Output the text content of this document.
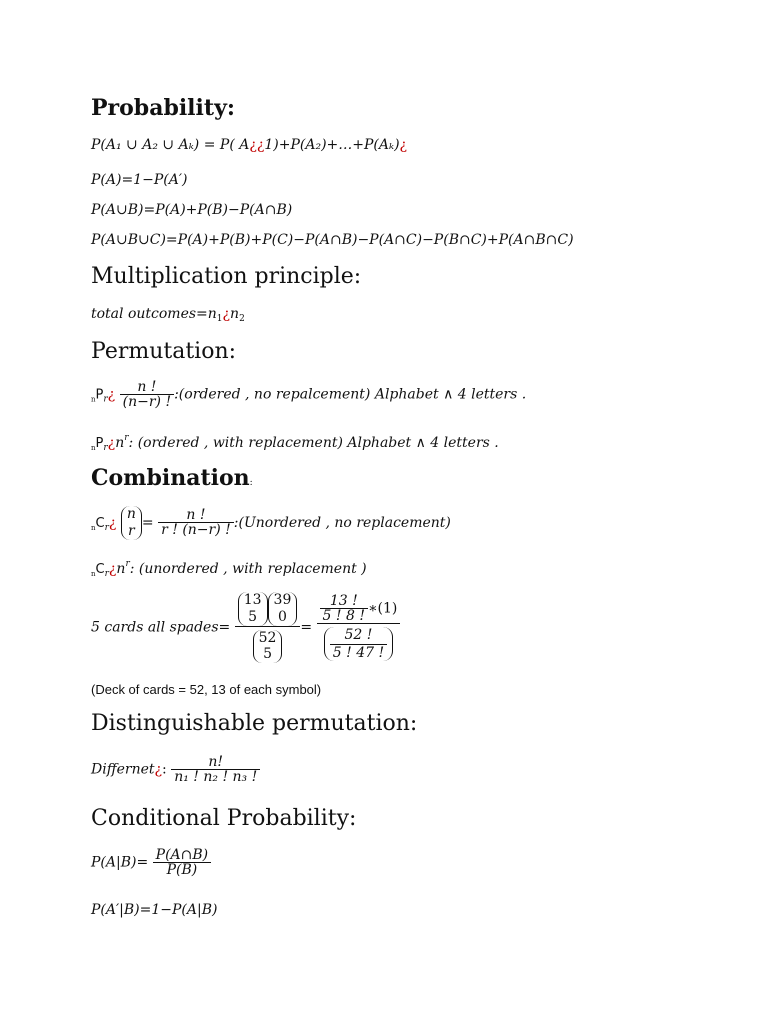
Probability:
P(A₁ ∪ A₂ ∪ Aₖ) = P( A¿¿1)+P(A₂)+…+P(Aₖ)¿
P(A)=1−P(A′)
P(A∪B)=P(A)+P(B)−P(A∩B)
P(A∪B∪C)=P(A)+P(B)+P(C)−P(A∩B)−P(A∩C)−P(B∩C)+P(A∩B∩C)
Multiplication principle:
total $outcomes=n_1¿n_2$
Permutation:
$_nP_r¿ \frac{n !}{(n-r) !}$ :(ordered , no repalcement) Alphabet ∧ 4 letters .
$_nP_r¿n^r$: (ordered , with replacement) Alphabet ∧ 4 letters .
Combination:
$_nC_r¿$
n
$r = \frac{n !}{r ! (n-r) !}$ :(Unordered , no replacement)
$_nC_r¿n^r$: (unordered , with replacement )
5 cards all spades= 13
5
39
0
52
$5 = \frac{13 !}{5 ! 8 !}$ ∗(1)
52 !
5 ! 47 !
(Deck of cards = 52, 13 of each symbol)
Distinguishable permutation:
Differnet¿: $\frac{n!}{\text{n₁ ! n₂ ! n₃ !}}$
Conditional Probability:
$P(A|B)= \frac{P(A\cap B)}{P(B)}$
P(A′|B)=1−P(A|B)
